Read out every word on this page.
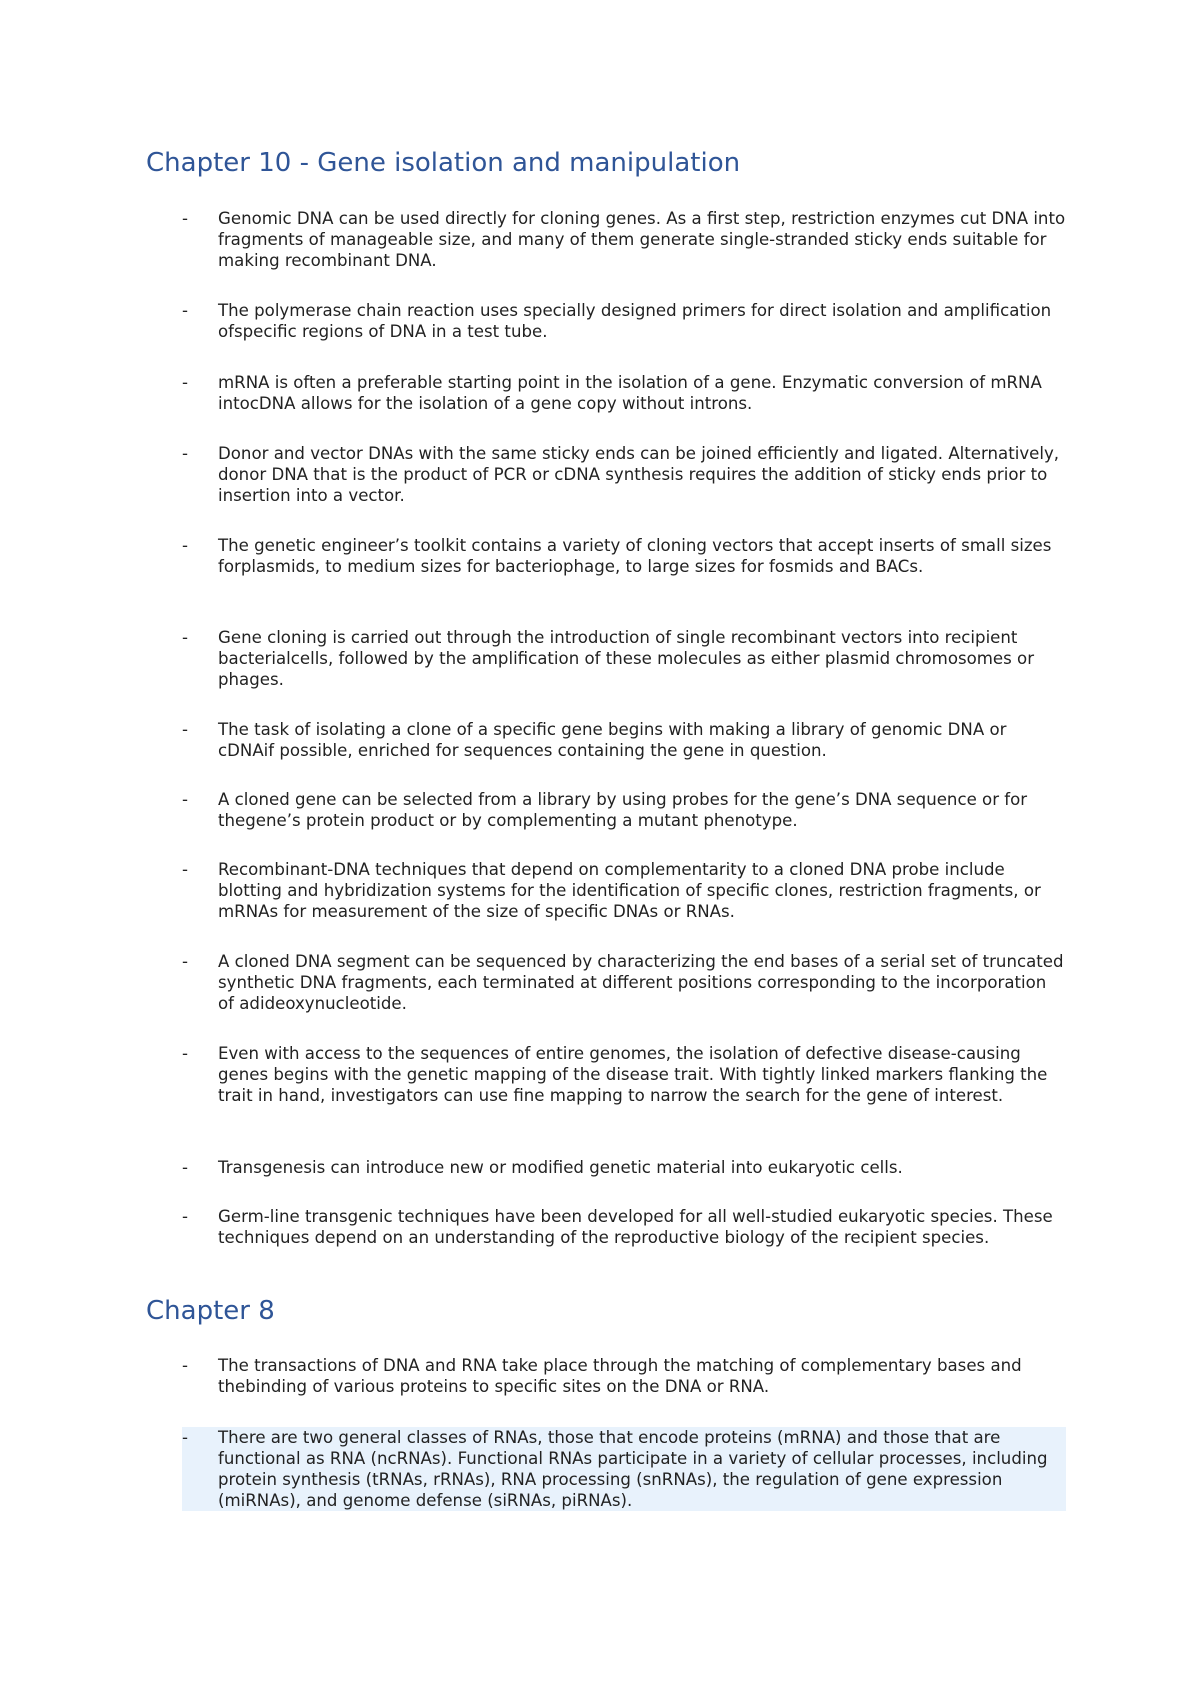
Chapter 10 - Gene isolation and manipulation
-	Genomic DNA can be used directly for cloning genes. As a first step, restriction enzymes cut DNA into fragments of manageable size, and many of them generate single-stranded sticky ends suitable for making recombinant DNA.
-	The polymerase chain reaction uses specially designed primers for direct isolation and amplification ofspecific regions of DNA in a test tube.
-	mRNA is often a preferable starting point in the isolation of a gene. Enzymatic conversion of mRNA intocDNA allows for the isolation of a gene copy without introns.
-	Donor and vector DNAs with the same sticky ends can be joined efficiently and ligated. Alternatively, donor DNA that is the product of PCR or cDNA synthesis requires the addition of sticky ends prior to insertion into a vector.
-	The genetic engineer’s toolkit contains a variety of cloning vectors that accept inserts of small sizes forplasmids, to medium sizes for bacteriophage, to large sizes for fosmids and BACs.
-	Gene cloning is carried out through the introduction of single recombinant vectors into recipient bacterialcells, followed by the amplification of these molecules as either plasmid chromosomes or phages.
-	The task of isolating a clone of a specific gene begins with making a library of genomic DNA or cDNAif possible, enriched for sequences containing the gene in question.
-	A cloned gene can be selected from a library by using probes for the gene’s DNA sequence or for thegene’s protein product or by complementing a mutant phenotype.
-	Recombinant-DNA techniques that depend on complementarity to a cloned DNA probe include blotting and hybridization systems for the identification of specific clones, restriction fragments, or mRNAs for measurement of the size of specific DNAs or RNAs.
-	A cloned DNA segment can be sequenced by characterizing the end bases of a serial set of truncated synthetic DNA fragments, each terminated at different positions corresponding to the incorporation of adideoxynucleotide.
-	Even with access to the sequences of entire genomes, the isolation of defective disease-causing genes begins with the genetic mapping of the disease trait. With tightly linked markers flanking the trait in hand, investigators can use fine mapping to narrow the search for the gene of interest.
-	Transgenesis can introduce new or modified genetic material into eukaryotic cells.
-	Germ-line transgenic techniques have been developed for all well-studied eukaryotic species. These techniques depend on an understanding of the reproductive biology of the recipient species.
Chapter 8
-	The transactions of DNA and RNA take place through the matching of complementary bases and thebinding of various proteins to specific sites on the DNA or RNA.
-	There are two general classes of RNAs, those that encode proteins (mRNA) and those that are functional as RNA (ncRNAs). Functional RNAs participate in a variety of cellular processes, including protein synthesis (tRNAs, rRNAs), RNA processing (snRNAs), the regulation of gene expression (miRNAs), and genome defense (siRNAs, piRNAs).
